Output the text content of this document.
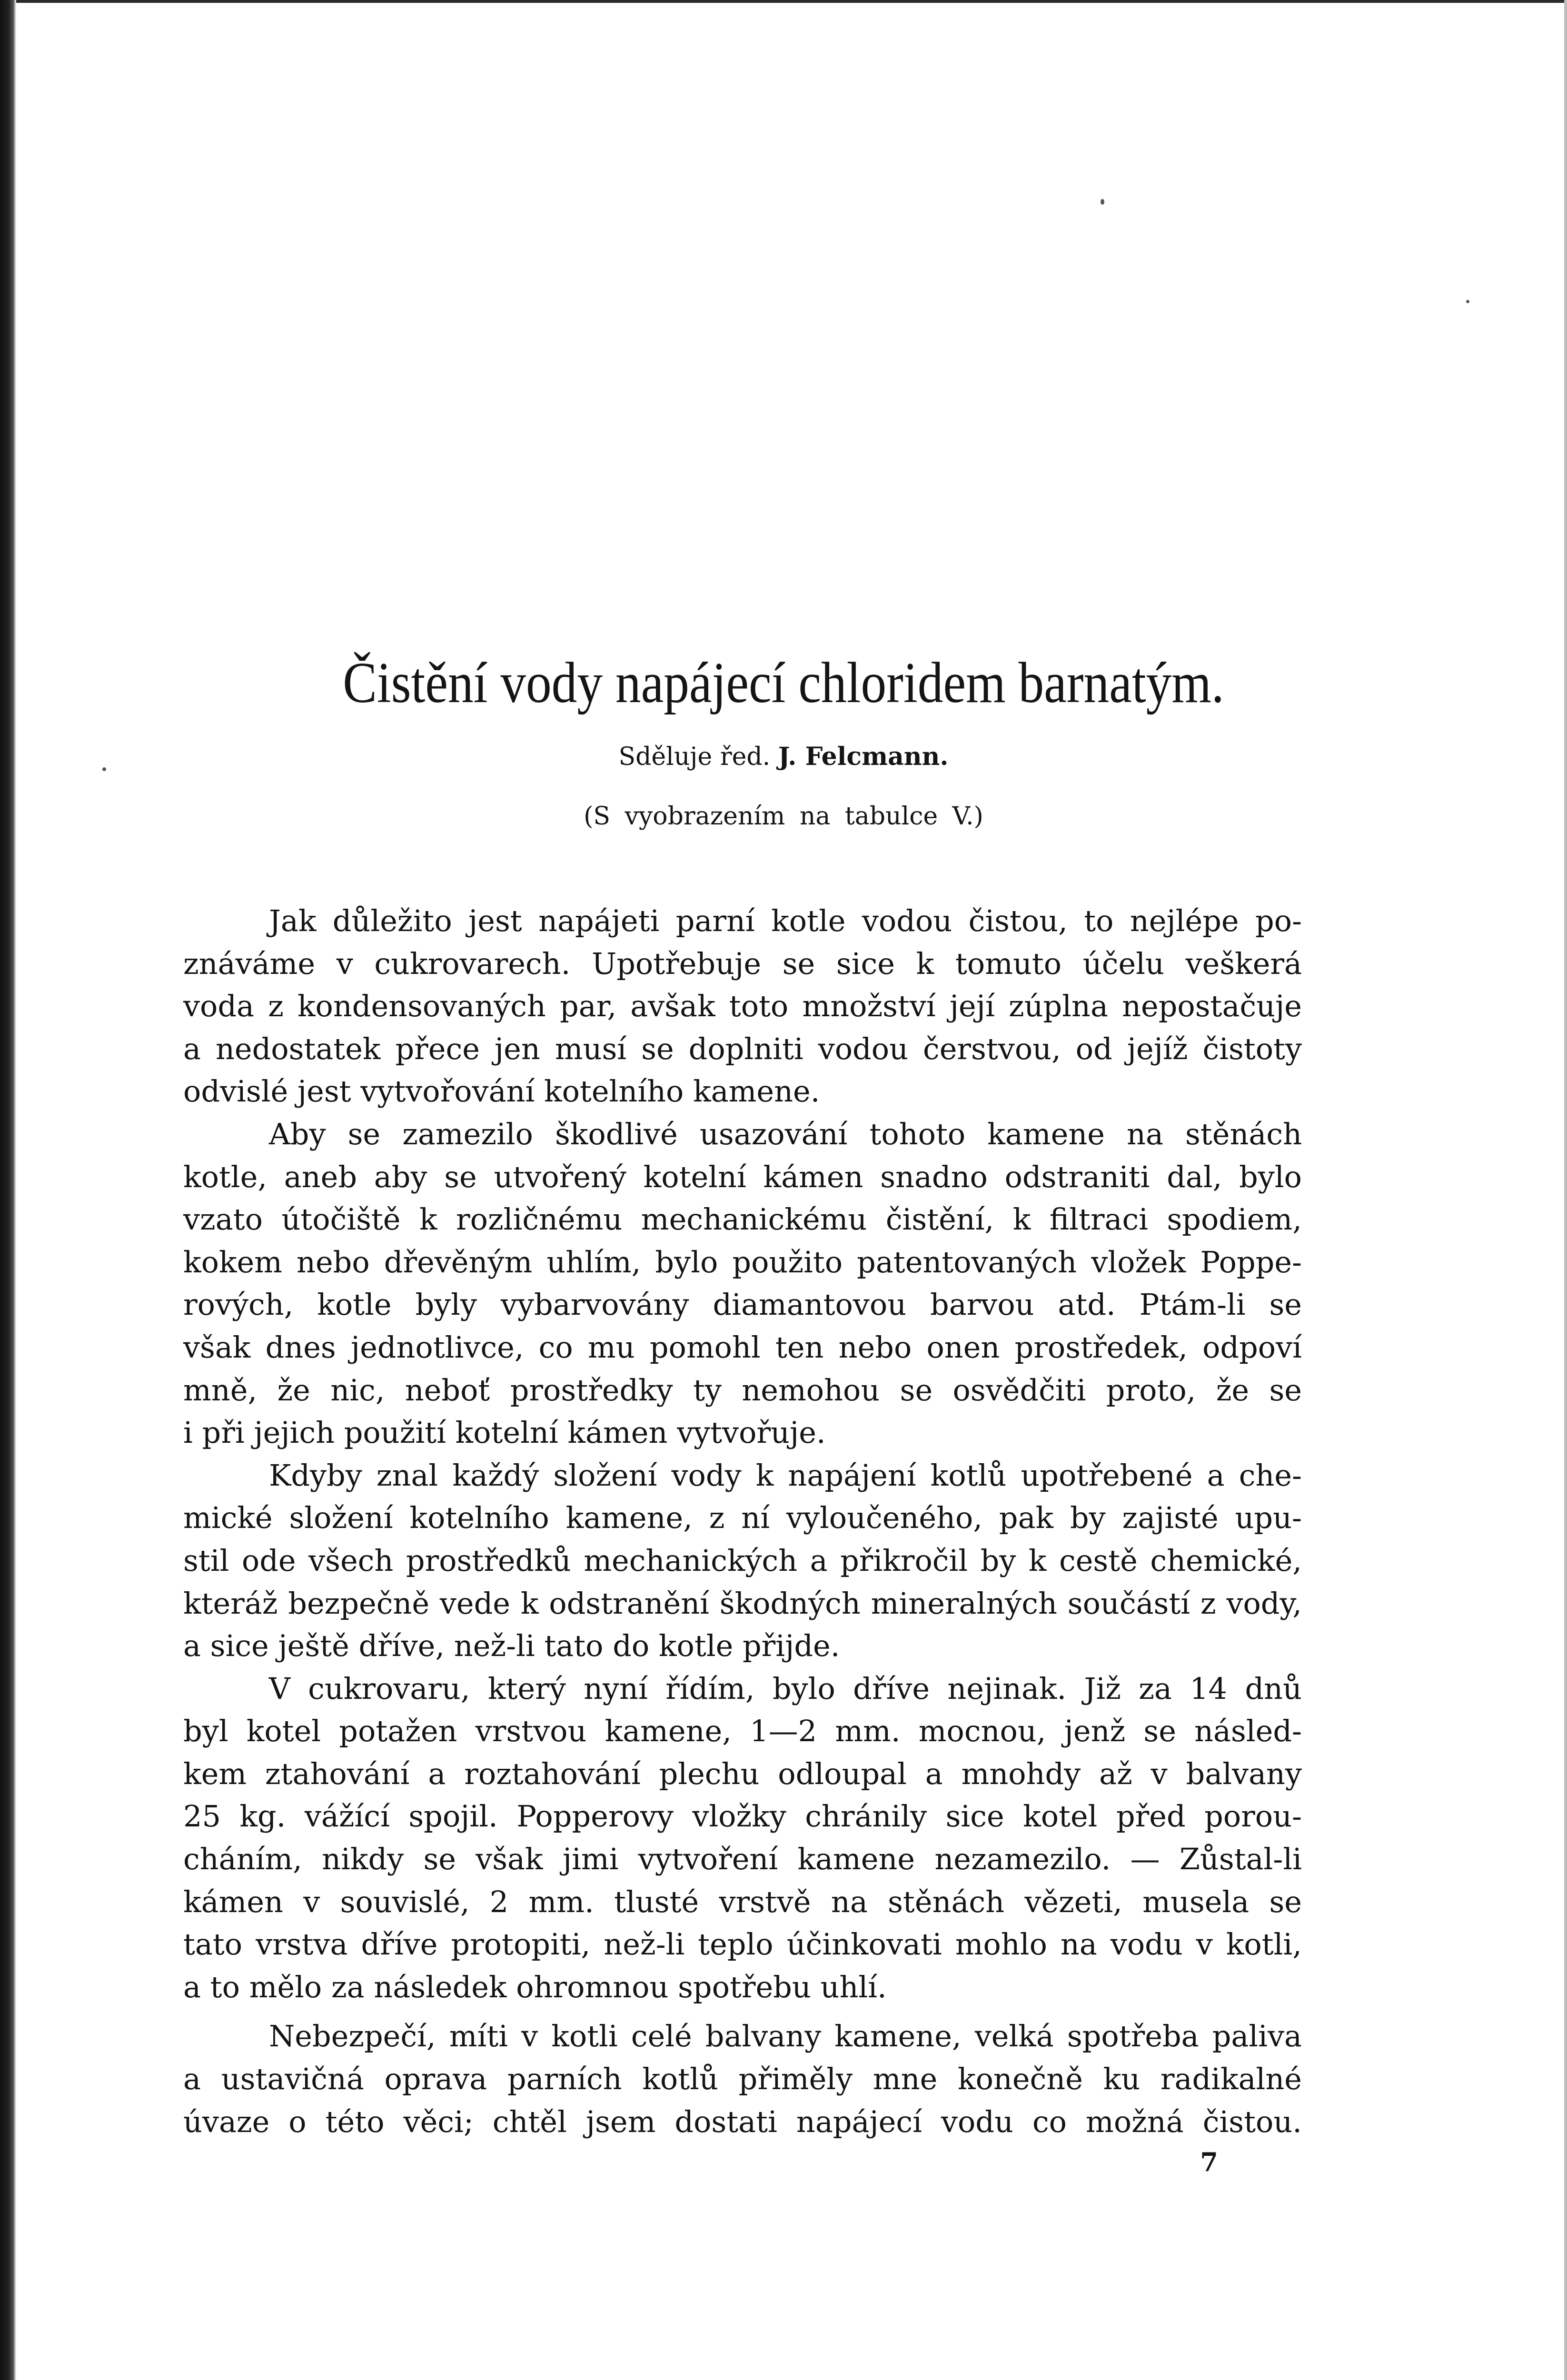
Čistění vody napájecí chloridem barnatým.
Sděluje řed. J. Felcmann.
(S vyobrazením na tabulce V.)
Jak důležito jest napájeti parní kotle vodou čistou, to nejlépe po-
znáváme v cukrovarech. Upotřebuje se sice k tomuto účelu veškerá
voda z kondensovaných par, avšak toto množství její zúplna nepostačuje
a nedostatek přece jen musí se doplniti vodou čerstvou, od jejíž čistoty
odvislé jest vytvořování kotelního kamene.
Aby se zamezilo škodlivé usazování tohoto kamene na stěnách
kotle, aneb aby se utvořený kotelní kámen snadno odstraniti dal, bylo
vzato útočiště k rozličnému mechanickému čistění, k filtraci spodiem,
kokem nebo dřevěným uhlím, bylo použito patentovaných vložek Poppe-
rových, kotle byly vybarvovány diamantovou barvou atd. Ptám-li se
však dnes jednotlivce, co mu pomohl ten nebo onen prostředek, odpoví
mně, že nic, neboť prostředky ty nemohou se osvědčiti proto, že se
i při jejich použití kotelní kámen vytvořuje.
Kdyby znal každý složení vody k napájení kotlů upotřebené a che-
mické složení kotelního kamene, z ní vyloučeného, pak by zajisté upu-
stil ode všech prostředků mechanických a přikročil by k cestě chemické,
kteráž bezpečně vede k odstranění škodných mineralných součástí z vody,
a sice ještě dříve, než-li tato do kotle přijde.
V cukrovaru, který nyní řídím, bylo dříve nejinak. Již za 14 dnů
byl kotel potažen vrstvou kamene, 1—2 mm. mocnou, jenž se násled-
kem ztahování a roztahování plechu odloupal a mnohdy až v balvany
25 kg. vážící spojil. Popperovy vložky chránily sice kotel před porou-
cháním, nikdy se však jimi vytvoření kamene nezamezilo. — Zůstal-li
kámen v souvislé, 2 mm. tlusté vrstvě na stěnách vězeti, musela se
tato vrstva dříve protopiti, než-li teplo účinkovati mohlo na vodu v kotli,
a to mělo za následek ohromnou spotřebu uhlí.
Nebezpečí, míti v kotli celé balvany kamene, velká spotřeba paliva
a ustavičná oprava parních kotlů přiměly mne konečně ku radikalné
úvaze o této věci; chtěl jsem dostati napájecí vodu co možná čistou.
7
